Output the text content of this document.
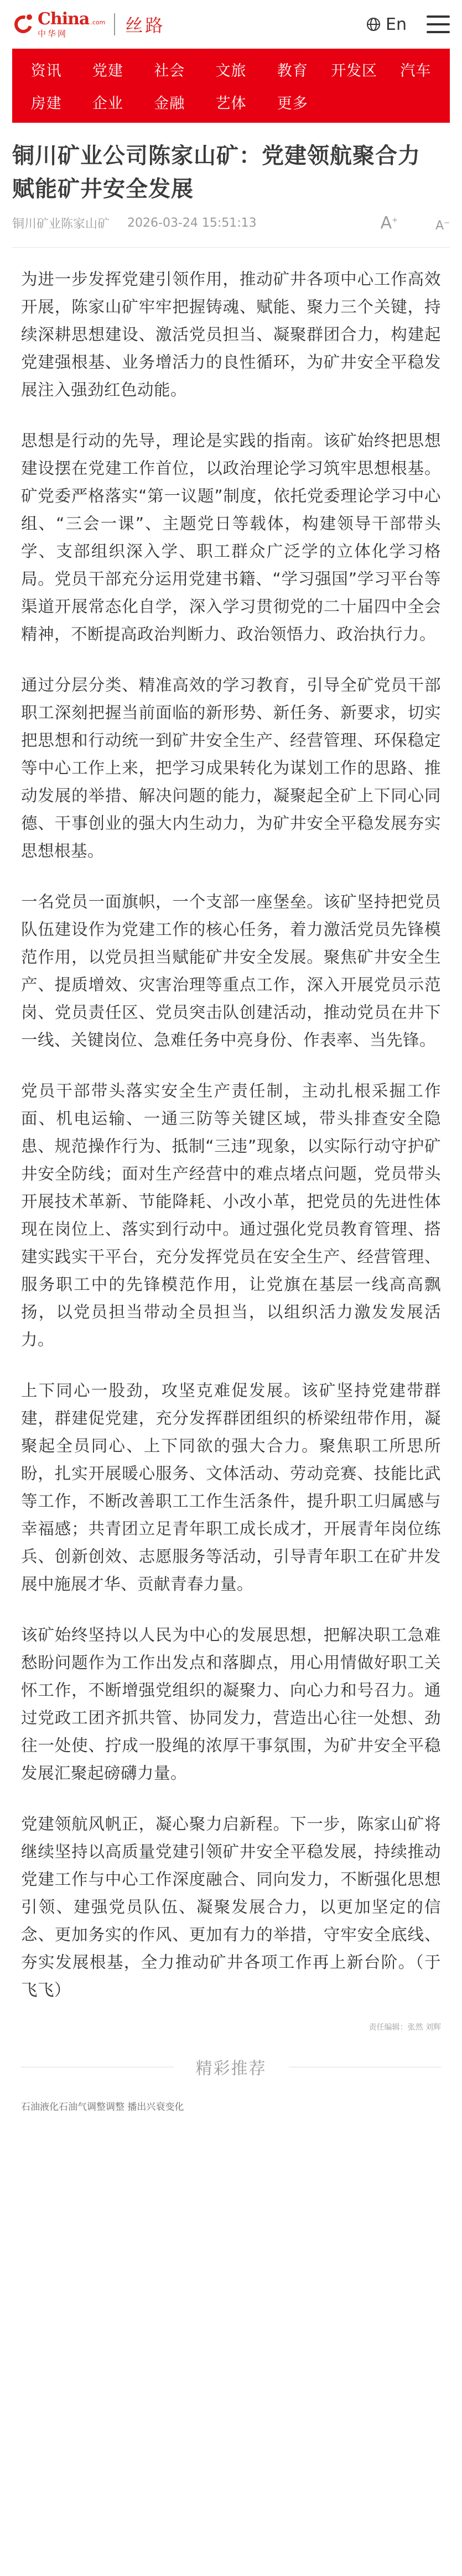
China .com
中华网	丝路	En
资讯	党建	社会	文旅	教育	开发区	汽车
房建	企业	金融	艺体	更多
铜川矿业公司陈家山矿：党建领航聚合力 赋能矿井安全发展
铜川矿业陈家山矿 2026-03-24 15:51:13	A+	A−

为进一步发挥党建引领作用，推动矿井各项中心工作高效开展，陈家山矿牢牢把握铸魂、赋能、聚力三个关键，持续深耕思想建设、激活党员担当、凝聚群团合力，构建起党建强根基、业务增活力的良性循环，为矿井安全平稳发展注入强劲红色动能。

思想是行动的先导，理论是实践的指南。该矿始终把思想建设摆在党建工作首位，以政治理论学习筑牢思想根基。矿党委严格落实“第一议题”制度，依托党委理论学习中心组、“三会一课”、主题党日等载体，构建领导干部带头学、支部组织深入学、职工群众广泛学的立体化学习格局。党员干部充分运用党建书籍、“学习强国”学习平台等渠道开展常态化自学，深入学习贯彻党的二十届四中全会精神，不断提高政治判断力、政治领悟力、政治执行力。

通过分层分类、精准高效的学习教育，引导全矿党员干部职工深刻把握当前面临的新形势、新任务、新要求，切实把思想和行动统一到矿井安全生产、经营管理、环保稳定等中心工作上来，把学习成果转化为谋划工作的思路、推动发展的举措、解决问题的能力，凝聚起全矿上下同心同德、干事创业的强大内生动力，为矿井安全平稳发展夯实思想根基。

一名党员一面旗帜，一个支部一座堡垒。该矿坚持把党员队伍建设作为党建工作的核心任务，着力激活党员先锋模范作用，以党员担当赋能矿井安全发展。聚焦矿井安全生产、提质增效、灾害治理等重点工作，深入开展党员示范岗、党员责任区、党员突击队创建活动，推动党员在井下一线、关键岗位、急难任务中亮身份、作表率、当先锋。

党员干部带头落实安全生产责任制，主动扎根采掘工作面、机电运输、一通三防等关键区域，带头排查安全隐患、规范操作行为、抵制“三违”现象，以实际行动守护矿井安全防线；面对生产经营中的难点堵点问题，党员带头开展技术革新、节能降耗、小改小革，把党员的先进性体现在岗位上、落实到行动中。通过强化党员教育管理、搭建实践实干平台，充分发挥党员在安全生产、经营管理、服务职工中的先锋模范作用，让党旗在基层一线高高飘扬，以党员担当带动全员担当，以组织活力激发发展活力。

上下同心一股劲，攻坚克难促发展。该矿坚持党建带群建，群建促党建，充分发挥群团组织的桥梁纽带作用，凝聚起全员同心、上下同欲的强大合力。聚焦职工所思所盼，扎实开展暖心服务、文体活动、劳动竞赛、技能比武等工作，不断改善职工工作生活条件，提升职工归属感与幸福感；共青团立足青年职工成长成才，开展青年岗位练兵、创新创效、志愿服务等活动，引导青年职工在矿井发展中施展才华、贡献青春力量。

该矿始终坚持以人民为中心的发展思想，把解决职工急难愁盼问题作为工作出发点和落脚点，用心用情做好职工关怀工作，不断增强党组织的凝聚力、向心力和号召力。通过党政工团齐抓共管、协同发力，营造出心往一处想、劲往一处使、拧成一股绳的浓厚干事氛围，为矿井安全平稳发展汇聚起磅礴力量。

党建领航风帆正，凝心聚力启新程。下一步，陈家山矿将继续坚持以高质量党建引领矿井安全平稳发展，持续推动党建工作与中心工作深度融合、同向发力，不断强化思想引领、建强党员队伍、凝聚发展合力，以更加坚定的信念、更加务实的作风、更加有力的举措，守牢安全底线、夯实发展根基，全力推动矿井各项工作再上新台阶。（于飞飞）

责任编辑：张然 刘辉
精彩推荐
石油液化石油气调整调整 播出兴衰变化
